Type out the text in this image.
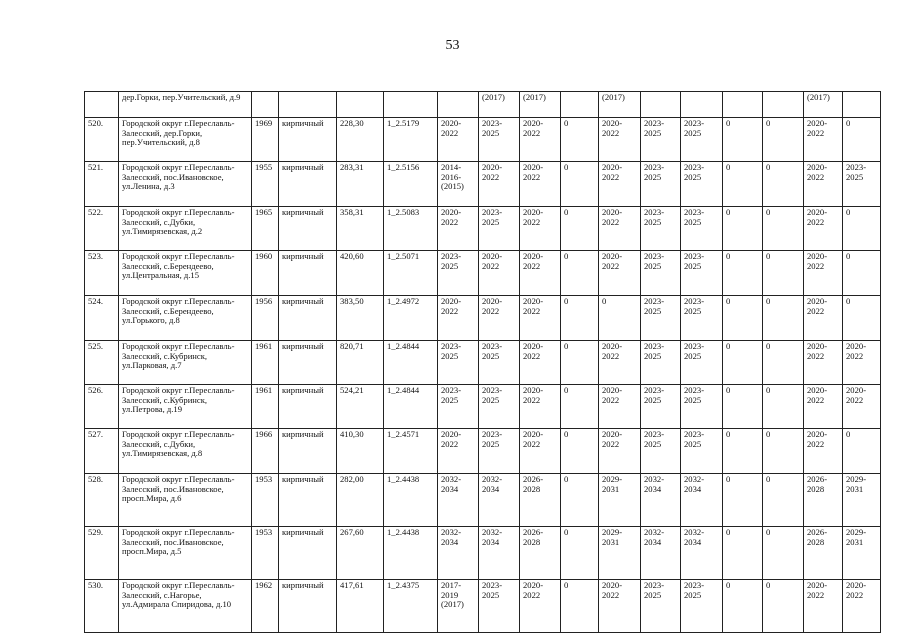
53
	дер.Горки, пер.Учительский, д.9						(2017)	(2017)		(2017)					(2017)	
520.	Городской округ г.Переславль-Залесский, дер.Горки, пер.Учительский, д.8	1969	кирпичный	228,30	1_2.5179	2020-2022	2023-2025	2020-2022	0	2020-2022	2023-2025	2023-2025	0	0	2020-2022	0
521.	Городской округ г.Переславль-Залесский, пос.Ивановское, ул.Ленина, д.3	1955	кирпичный	283,31	1_2.5156	2014-2016-(2015)	2020-2022	2020-2022	0	2020-2022	2023-2025	2023-2025	0	0	2020-2022	2023-2025
522.	Городской округ г.Переславль-Залесский, с.Дубки, ул.Тимирязевская, д.2	1965	кирпичный	358,31	1_2.5083	2020-2022	2023-2025	2020-2022	0	2020-2022	2023-2025	2023-2025	0	0	2020-2022	0
523.	Городской округ г.Переславль-Залесский, с.Берендеево, ул.Центральная, д.15	1960	кирпичный	420,60	1_2.5071	2023-2025	2020-2022	2020-2022	0	2020-2022	2023-2025	2023-2025	0	0	2020-2022	0
524.	Городской округ г.Переславль-Залесский, с.Берендеево, ул.Горького, д.8	1956	кирпичный	383,50	1_2.4972	2020-2022	2020-2022	2020-2022	0	0	2023-2025	2023-2025	0	0	2020-2022	0
525.	Городской округ г.Переславль-Залесский, с.Кубринск, ул.Парковая, д.7	1961	кирпичный	820,71	1_2.4844	2023-2025	2023-2025	2020-2022	0	2020-2022	2023-2025	2023-2025	0	0	2020-2022	2020-2022
526.	Городской округ г.Переславль-Залесский, с.Кубринск, ул.Петрова, д.19	1961	кирпичный	524,21	1_2.4844	2023-2025	2023-2025	2020-2022	0	2020-2022	2023-2025	2023-2025	0	0	2020-2022	2020-2022
527.	Городской округ г.Переславль-Залесский, с.Дубки, ул.Тимирязевская, д.8	1966	кирпичный	410,30	1_2.4571	2020-2022	2023-2025	2020-2022	0	2020-2022	2023-2025	2023-2025	0	0	2020-2022	0
528.	Городской округ г.Переславль-Залесский, пос.Ивановское, просп.Мира, д.6	1953	кирпичный	282,00	1_2.4438	2032-2034	2032-2034	2026-2028	0	2029-2031	2032-2034	2032-2034	0	0	2026-2028	2029-2031
529.	Городской округ г.Переславль-Залесский, пос.Ивановское, просп.Мира, д.5	1953	кирпичный	267,60	1_2.4438	2032-2034	2032-2034	2026-2028	0	2029-2031	2032-2034	2032-2034	0	0	2026-2028	2029-2031
530.	Городской округ г.Переславль-Залесский, с.Нагорье, ул.Адмирала Спиридова, д.10	1962	кирпичный	417,61	1_2.4375	2017-2019 (2017)	2023-2025	2020-2022	0	2020-2022	2023-2025	2023-2025	0	0	2020-2022	2020-2022
